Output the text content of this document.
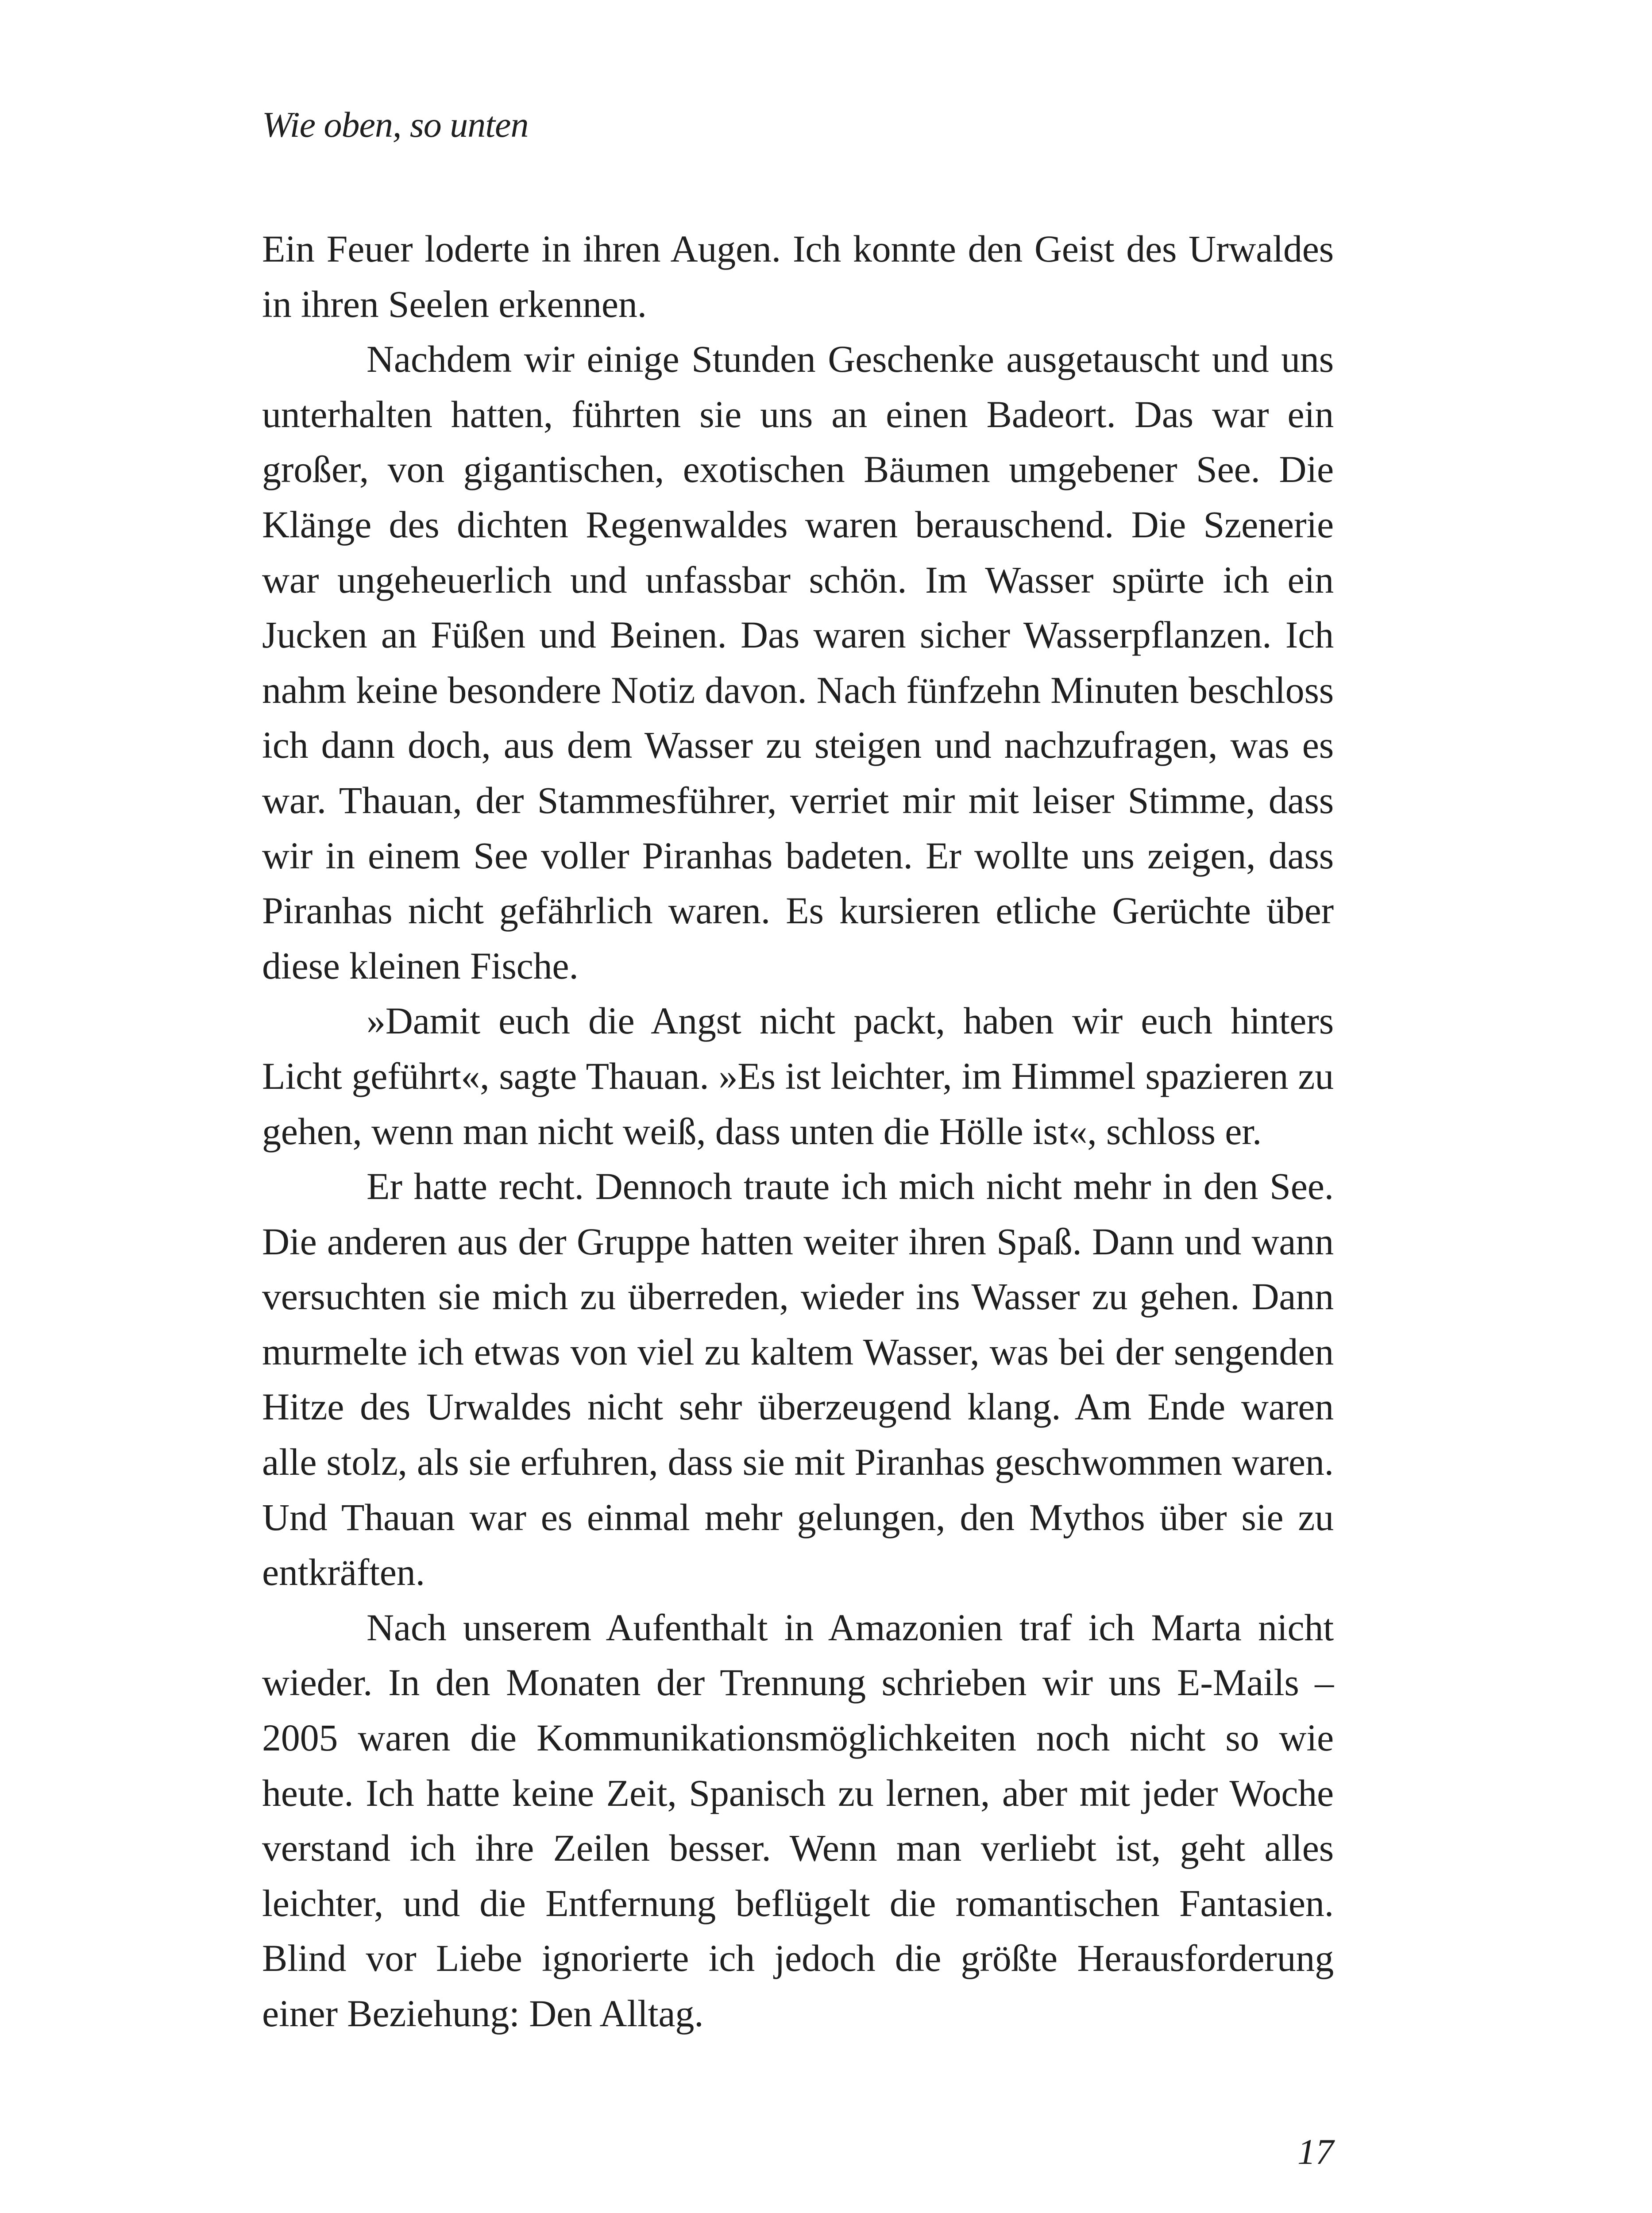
Wie oben, so unten

Ein Feuer loderte in ihren Augen. Ich konnte den Geist des Urwaldes in ihren Seelen erkennen.

Nachdem wir einige Stunden Geschenke ausgetauscht und uns unterhalten hatten, führten sie uns an einen Badeort. Das war ein großer, von gigantischen, exotischen Bäumen umgebener See. Die Klänge des dichten Regenwaldes waren berauschend. Die Szenerie war ungeheuerlich und unfassbar schön. Im Wasser spürte ich ein Jucken an Füßen und Beinen. Das waren sicher Wasserpflanzen. Ich nahm keine besondere Notiz davon. Nach fünfzehn Minuten beschloss ich dann doch, aus dem Wasser zu steigen und nachzufragen, was es war. Thauan, der Stammesführer, verriet mir mit leiser Stimme, dass wir in einem See voller Piranhas badeten. Er wollte uns zeigen, dass Piranhas nicht gefährlich waren. Es kursieren etliche Gerüchte über diese kleinen Fische.

»Damit euch die Angst nicht packt, haben wir euch hinters Licht geführt«, sagte Thauan. »Es ist leichter, im Himmel spazieren zu gehen, wenn man nicht weiß, dass unten die Hölle ist«, schloss er.

Er hatte recht. Dennoch traute ich mich nicht mehr in den See. Die anderen aus der Gruppe hatten weiter ihren Spaß. Dann und wann versuchten sie mich zu überreden, wieder ins Wasser zu gehen. Dann murmelte ich etwas von viel zu kaltem Wasser, was bei der sengenden Hitze des Urwaldes nicht sehr überzeugend klang. Am Ende waren alle stolz, als sie erfuhren, dass sie mit Piranhas geschwommen waren. Und Thauan war es einmal mehr gelungen, den Mythos über sie zu entkräften.

Nach unserem Aufenthalt in Amazonien traf ich Marta nicht wieder. In den Monaten der Trennung schrieben wir uns E-Mails – 2005 waren die Kommunikationsmöglichkeiten noch nicht so wie heute. Ich hatte keine Zeit, Spanisch zu lernen, aber mit jeder Woche verstand ich ihre Zeilen besser. Wenn man verliebt ist, geht alles leichter, und die Entfernung beflügelt die romantischen Fantasien. Blind vor Liebe ignorierte ich jedoch die größte Herausforderung einer Beziehung: Den Alltag.

17
